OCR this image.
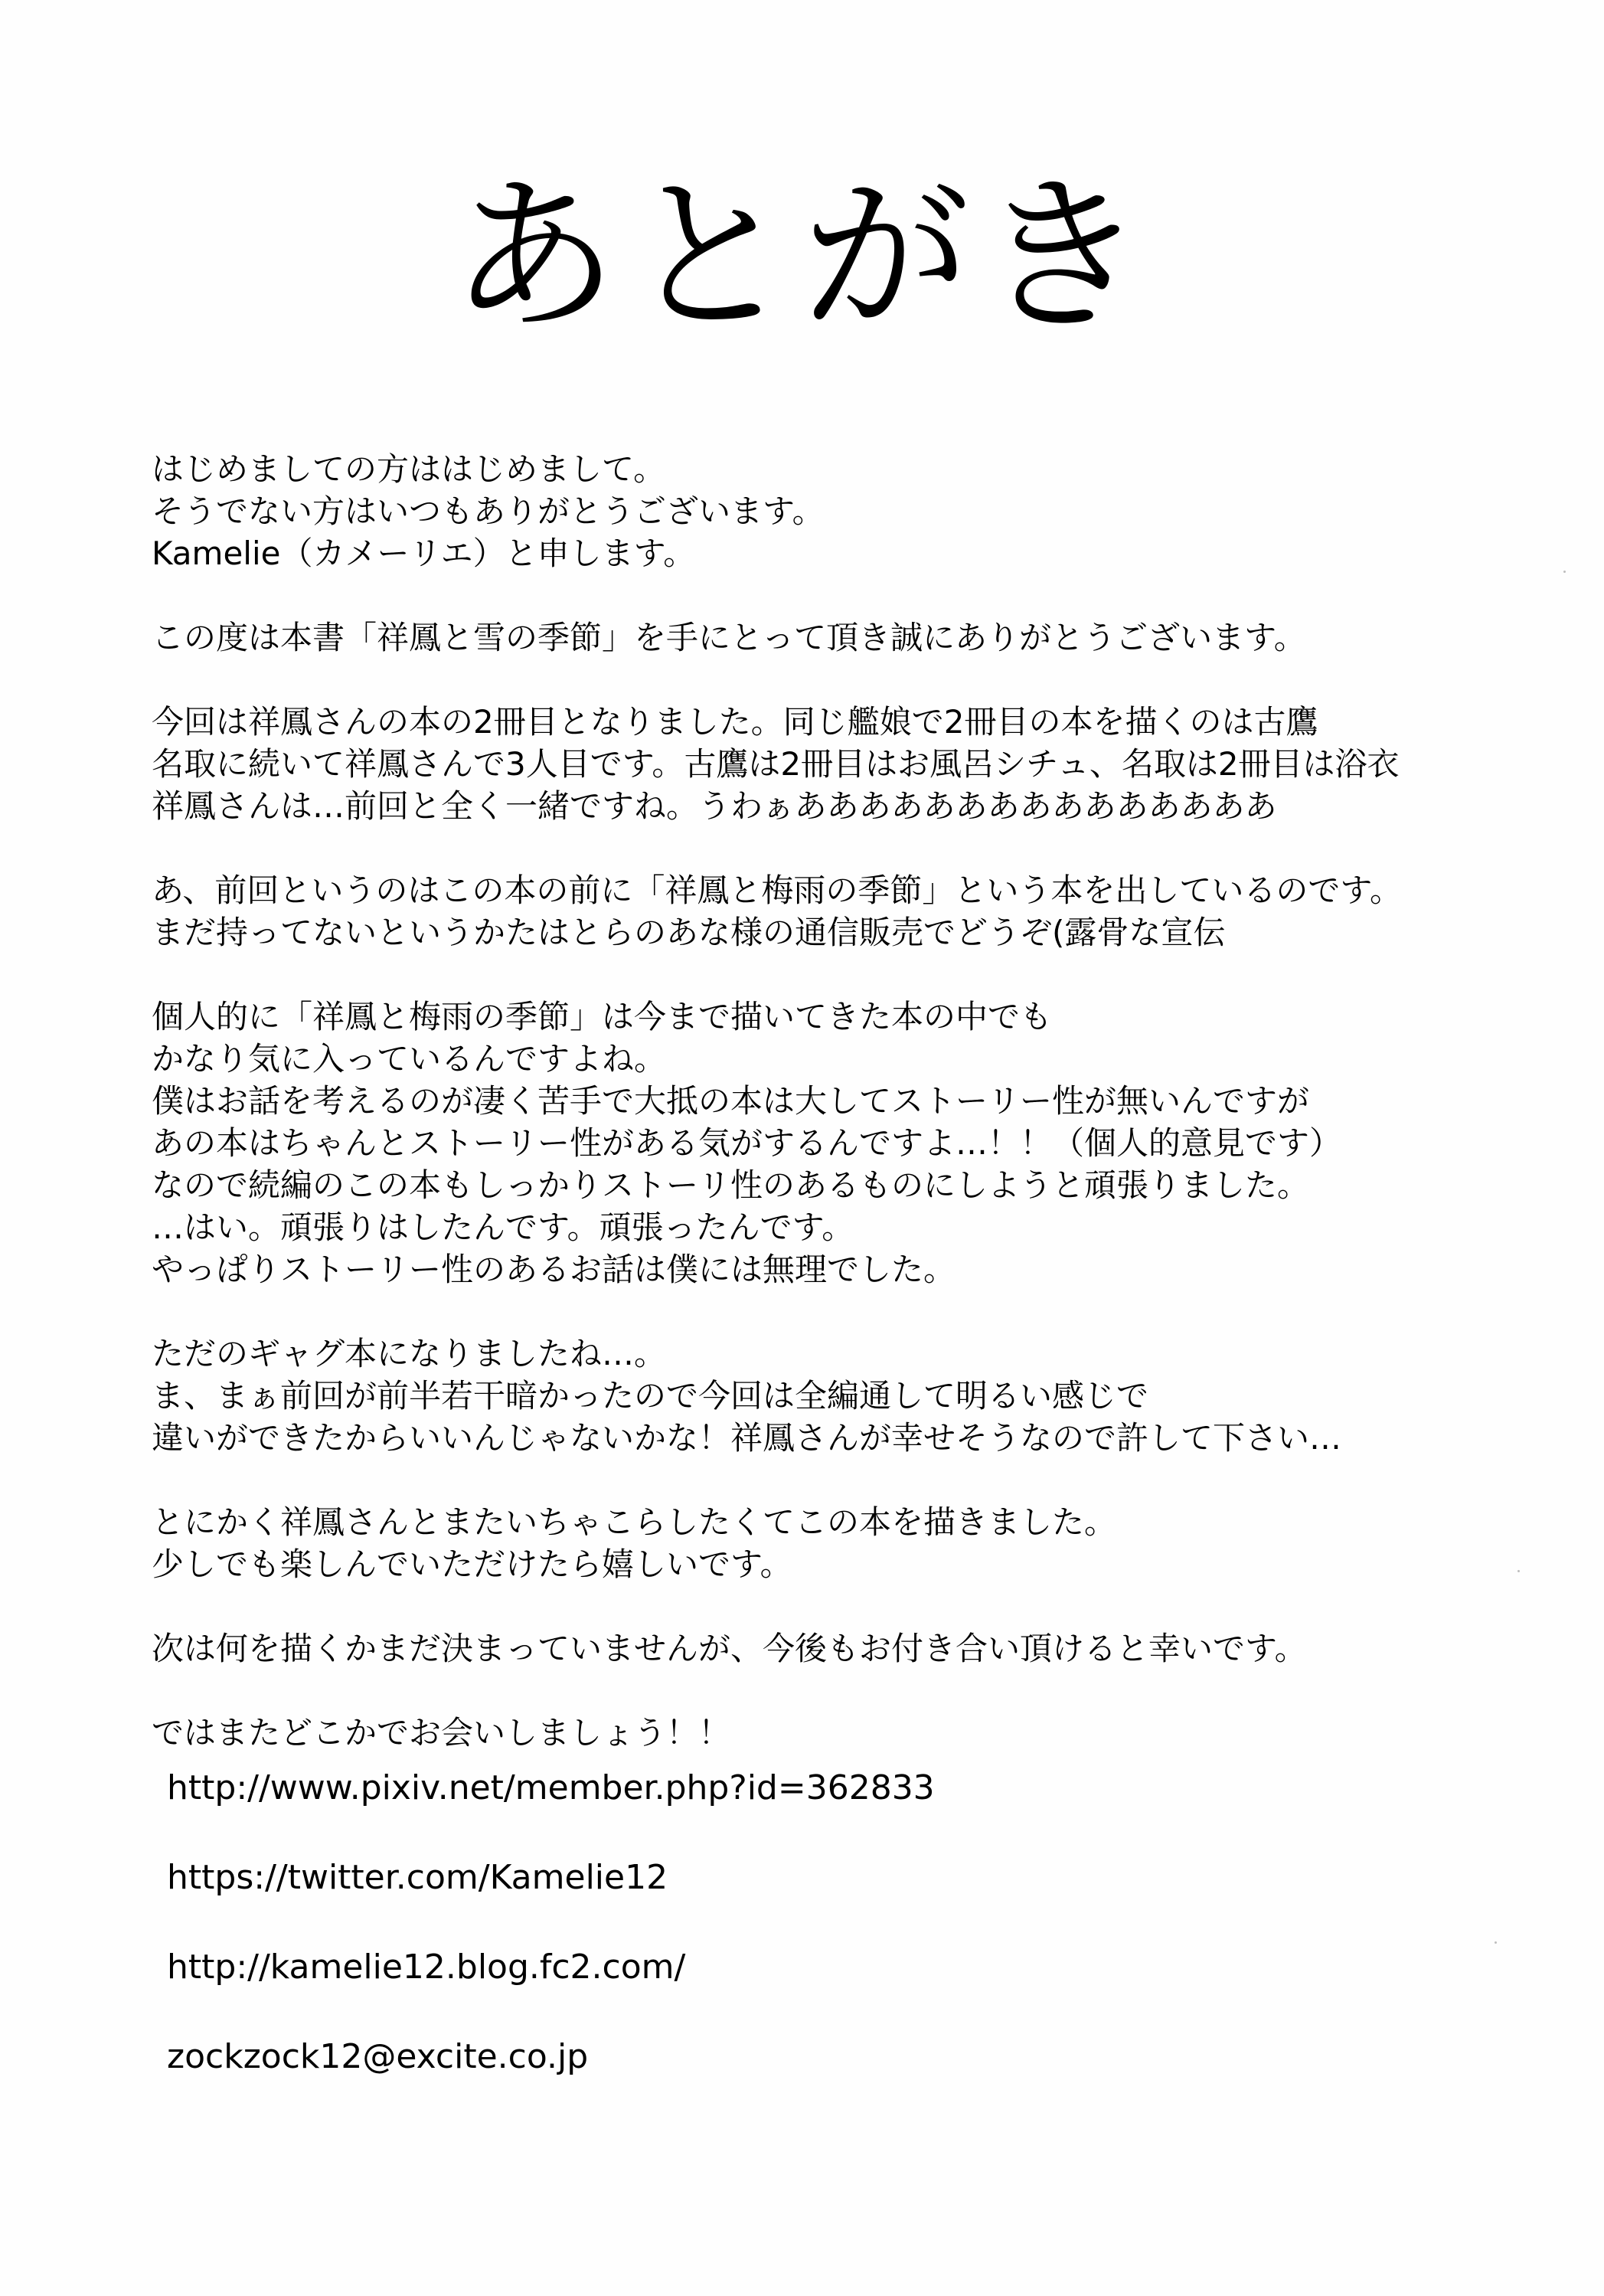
あとがき
はじめましての方ははじめまして。
そうでない方はいつもありがとうございます。
Kamelie（カメーリエ）と申します。
この度は本書「祥鳳と雪の季節」を手にとって頂き誠にありがとうございます。
今回は祥鳳さんの本の2冊目となりました。同じ艦娘で2冊目の本を描くのは古鷹
名取に続いて祥鳳さんで3人目です。古鷹は2冊目はお風呂シチュ、名取は2冊目は浴衣
祥鳳さんは…前回と全く一緒ですね。うわぁあああああああああああああああ
あ、前回というのはこの本の前に「祥鳳と梅雨の季節」という本を出しているのです。
まだ持ってないというかたはとらのあな様の通信販売でどうぞ(露骨な宣伝
個人的に「祥鳳と梅雨の季節」は今まで描いてきた本の中でも
かなり気に入っているんですよね。
僕はお話を考えるのが凄く苦手で大抵の本は大してストーリー性が無いんですが
あの本はちゃんとストーリー性がある気がするんですよ…！！（個人的意見です）
なので続編のこの本もしっかりストーリ性のあるものにしようと頑張りました。
…はい。頑張りはしたんです。頑張ったんです。
やっぱりストーリー性のあるお話は僕には無理でした。
ただのギャグ本になりましたね…。
ま、まぁ前回が前半若干暗かったので今回は全編通して明るい感じで
違いができたからいいんじゃないかな！祥鳳さんが幸せそうなので許して下さい…
とにかく祥鳳さんとまたいちゃこらしたくてこの本を描きました。
少しでも楽しんでいただけたら嬉しいです。
次は何を描くかまだ決まっていませんが、今後もお付き合い頂けると幸いです。
ではまたどこかでお会いしましょう！！
http://www.pixiv.net/member.php?id=362833
https://twitter.com/Kamelie12
http://kamelie12.blog.fc2.com/
zockzock12@excite.co.jp
